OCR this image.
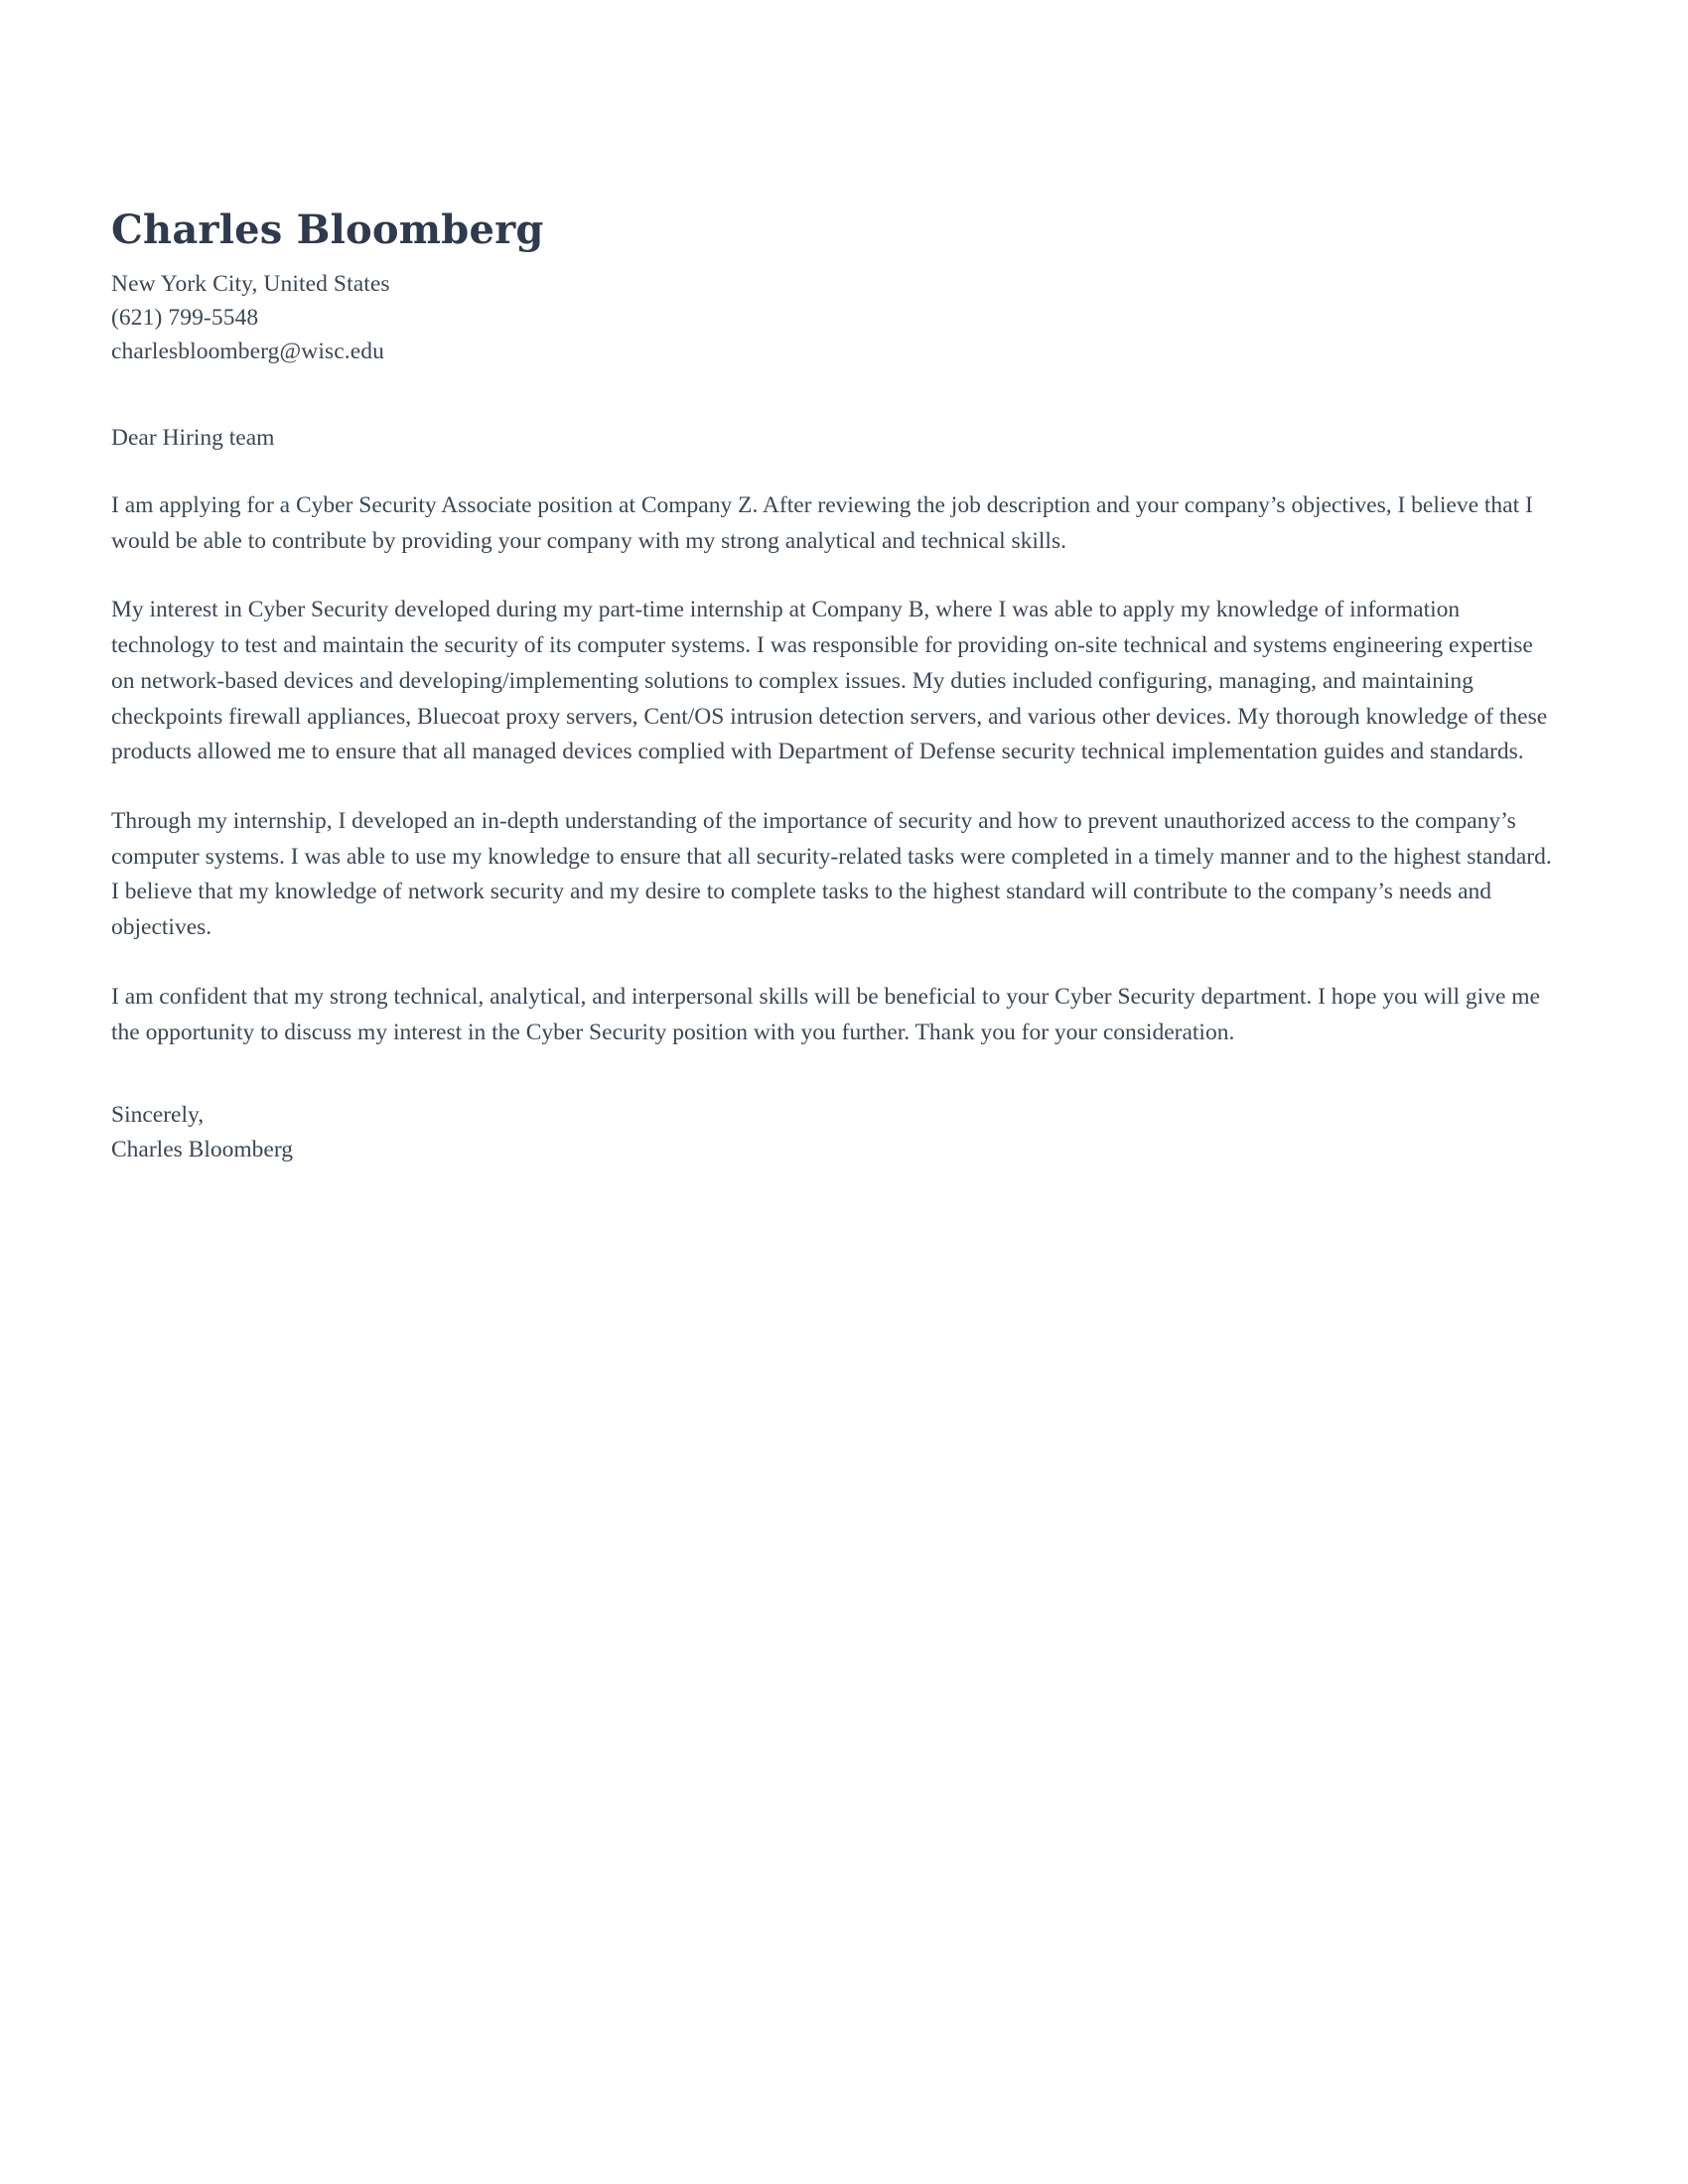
Charles Bloomberg
New York City, United States
(621) 799-5548
charlesbloomberg@wisc.edu

Dear Hiring team

I am applying for a Cyber Security Associate position at Company Z. After reviewing the job description and your company’s objectives, I believe that I would be able to contribute by providing your company with my strong analytical and technical skills.

My interest in Cyber Security developed during my part-time internship at Company B, where I was able to apply my knowledge of information technology to test and maintain the security of its computer systems. I was responsible for providing on-site technical and systems engineering expertise on network-based devices and developing/implementing solutions to complex issues. My duties included configuring, managing, and maintaining checkpoints firewall appliances, Bluecoat proxy servers, Cent/OS intrusion detection servers, and various other devices. My thorough knowledge of these products allowed me to ensure that all managed devices complied with Department of Defense security technical implementation guides and standards.

Through my internship, I developed an in-depth understanding of the importance of security and how to prevent unauthorized access to the company’s computer systems. I was able to use my knowledge to ensure that all security-related tasks were completed in a timely manner and to the highest standard. I believe that my knowledge of network security and my desire to complete tasks to the highest standard will contribute to the company’s needs and objectives.

I am confident that my strong technical, analytical, and interpersonal skills will be beneficial to your Cyber Security department. I hope you will give me the opportunity to discuss my interest in the Cyber Security position with you further. Thank you for your consideration.

Sincerely,
Charles Bloomberg
